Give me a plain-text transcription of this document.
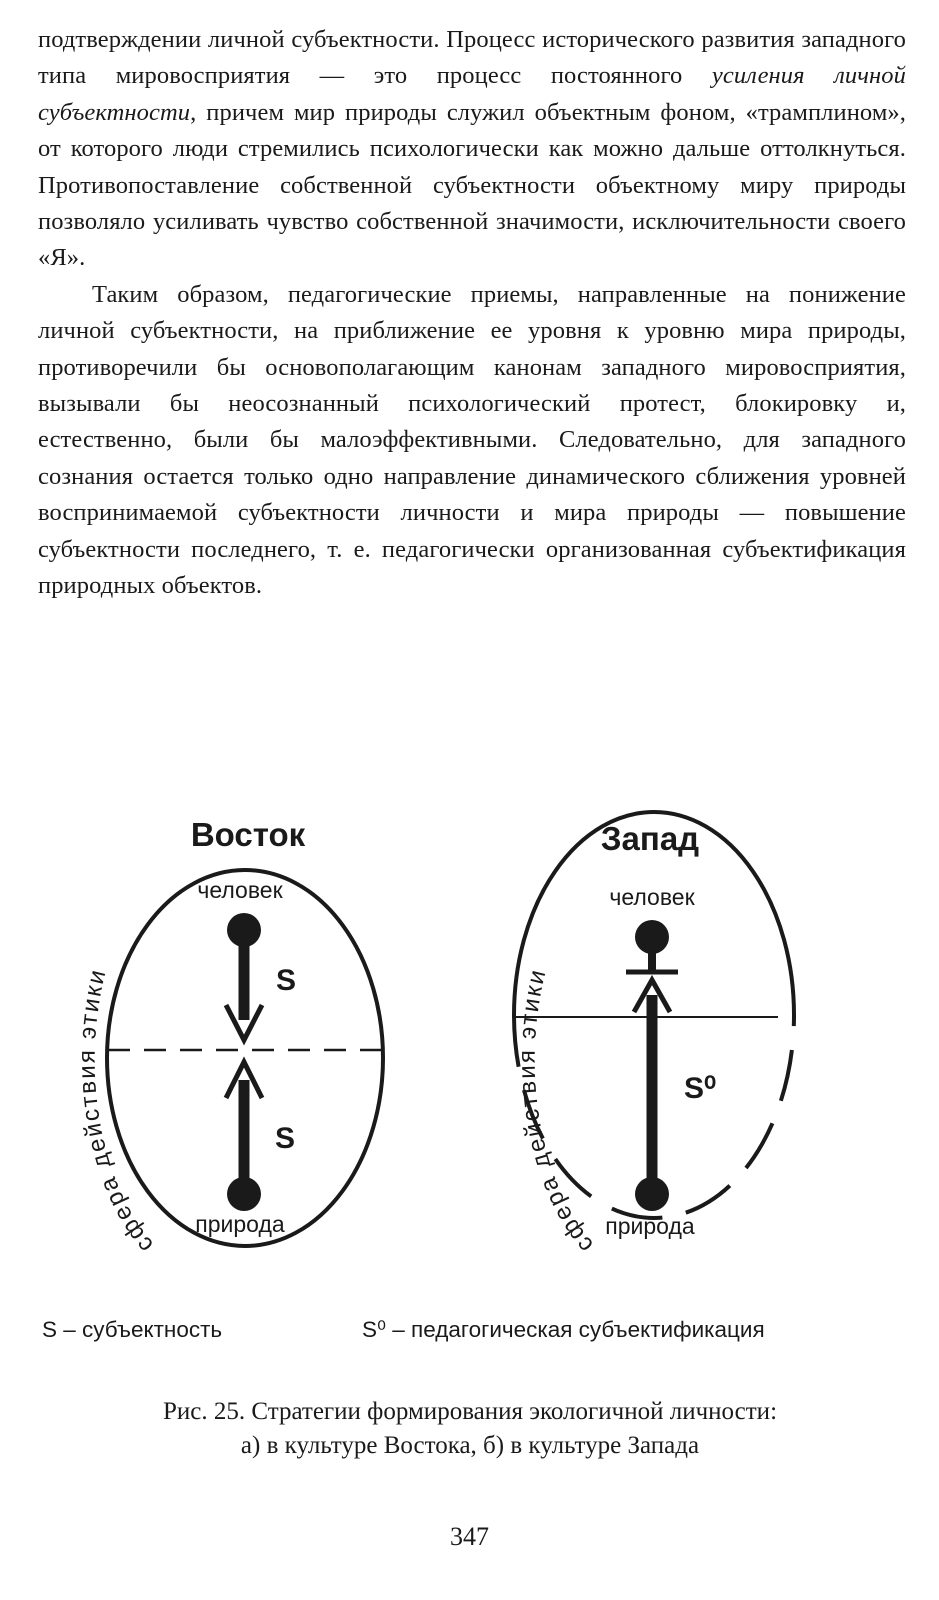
подтверждении личной субъектности. Процесс исторического развития западного типа мировосприятия — это процесс постоянного усиления личной субъектности, причем мир природы служил объектным фоном, «трамплином», от которого люди стремились психологически как можно дальше оттолкнуться. Противопоставление собственной субъектности объектному миру природы позволяло усиливать чувство собственной значимости, исключительности своего «Я».

Таким образом, педагогические приемы, направленные на понижение личной субъектности, на приближение ее уровня к уровню мира природы, противоречили бы основополагающим канонам западного мировосприятия, вызывали бы неосознанный психологический протест, блокировку и, естественно, были бы малоэффективными. Следовательно, для западного сознания остается только одно направление динамического сближения уровней воспринимаемой субъектности личности и мира природы — повышение субъектности последнего, т. е. педагогически организованная субъектификация природных объектов.

Восток
человек
S
S
природа
сфера действия этики
Запад
человек
S⁰
природа
сфера действия этики
S – субъектность	S⁰ – педагогическая субъектификация
Рис. 25. Стратегии формирования экологичной личности:
а) в культуре Востока, б) в культуре Запада
347
